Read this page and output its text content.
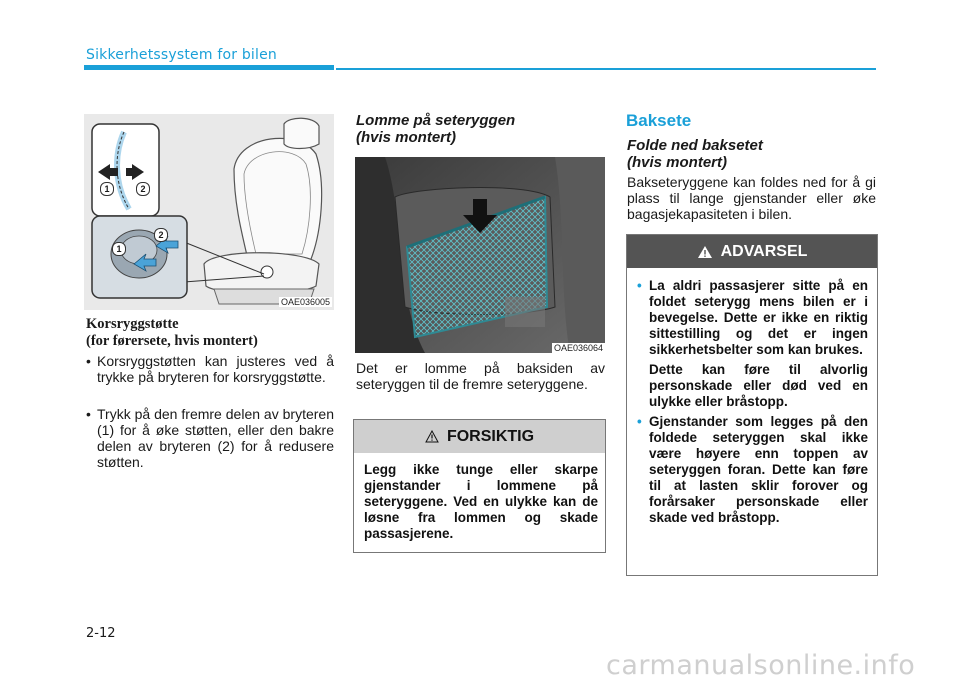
Sikkerhetssystem for bilen
1	2
1
2
OAE036005
Korsryggstøtte
(for førersete, hvis montert)
• Korsryggstøtten kan justeres ved å trykke på bryteren for korsryggstøtte.
• Trykk på den fremre delen av bryteren (1) for å øke støtten, eller den bakre delen av bryteren (2) for å redusere støtten.
Lomme på seteryggen
(hvis montert)
OAE036064
Det er lomme på baksiden av seteryggen til de fremre seteryggene.
FORSIKTIG
Legg ikke tunge eller skarpe gjenstander i lommene på seteryggene. Ved en ulykke kan de løsne fra lommen og skade passasjerene.
Baksete
Folde ned baksetet
(hvis montert)
Bakseteryggene kan foldes ned for å gi plass til lange gjenstander eller øke bagasjekapasiteten i bilen.
ADVARSEL
• La aldri passasjerer sitte på en foldet seterygg mens bilen er i bevegelse. Dette er ikke en riktig sittestilling og det er ingen sikkerhetsbelter som kan brukes.
Dette kan føre til alvorlig personskade eller død ved en ulykke eller bråstopp.
• Gjenstander som legges på den foldede seteryggen skal ikke være høyere enn toppen av seteryggen foran. Dette kan føre til at lasten sklir forover og forårsaker personskade eller skade ved bråstopp.
2-12
carmanualsonline.info
